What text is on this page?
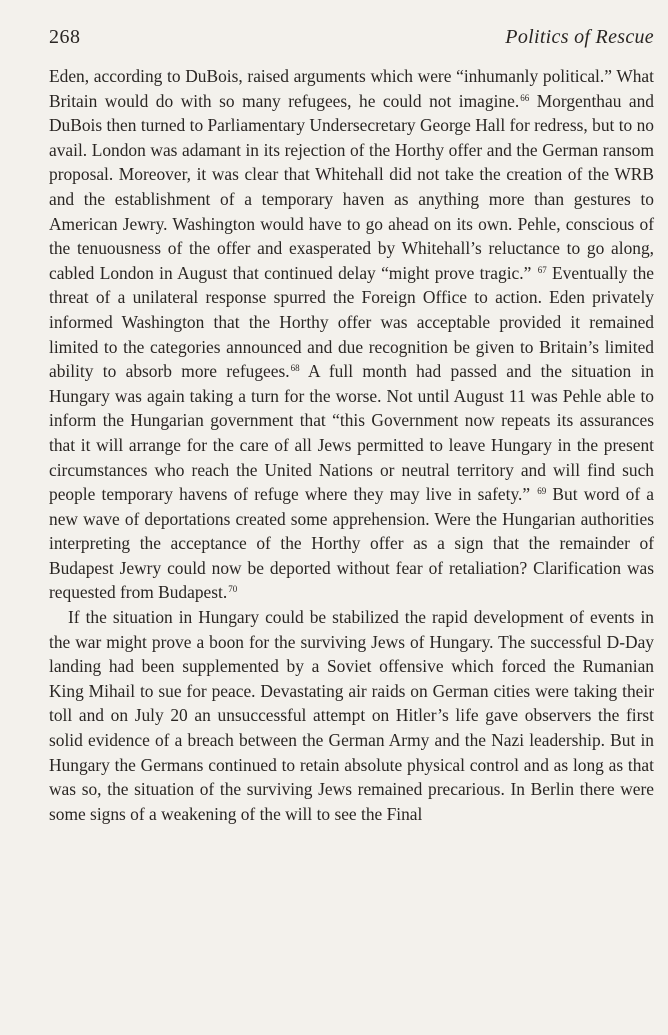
268	Politics of Rescue

Eden, according to DuBois, raised arguments which were “inhumanly political.” What Britain would do with so many refugees, he could not imagine.$^{66}$ Morgenthau and DuBois then turned to Parliamentary Undersecretary George Hall for redress, but to no avail. London was adamant in its rejection of the Horthy offer and the German ransom proposal. Moreover, it was clear that Whitehall did not take the creation of the WRB and the establishment of a temporary haven as anything more than gestures to American Jewry. Washington would have to go ahead on its own. Pehle, conscious of the tenuousness of the offer and exasperated by Whitehall’s reluctance to go along, cabled London in August that continued delay “might prove tragic.” $^{67}$ Eventually the threat of a unilateral response spurred the Foreign Office to action. Eden privately informed Washington that the Horthy offer was acceptable provided it remained limited to the categories announced and due recognition be given to Britain’s limited ability to absorb more refugees.$^{68}$ A full month had passed and the situation in Hungary was again taking a turn for the worse. Not until August 11 was Pehle able to inform the Hungarian government that “this Government now repeats its assurances that it will arrange for the care of all Jews permitted to leave Hungary in the present circumstances who reach the United Nations or neutral territory and will find such people temporary havens of refuge where they may live in safety.” $^{69}$ But word of a new wave of deportations created some apprehension. Were the Hungarian authorities interpreting the acceptance of the Horthy offer as a sign that the remainder of Budapest Jewry could now be deported without fear of retaliation? Clarification was requested from Budapest.$^{70}$

If the situation in Hungary could be stabilized the rapid development of events in the war might prove a boon for the surviving Jews of Hungary. The successful D-Day landing had been supplemented by a Soviet offensive which forced the Rumanian King Mihail to sue for peace. Devastating air raids on German cities were taking their toll and on July 20 an unsuccessful attempt on Hitler’s life gave observers the first solid evidence of a breach between the German Army and the Nazi leadership. But in Hungary the Germans continued to retain absolute physical control and as long as that was so, the situation of the surviving Jews remained precarious. In Berlin there were some signs of a weakening of the will to see the Final
